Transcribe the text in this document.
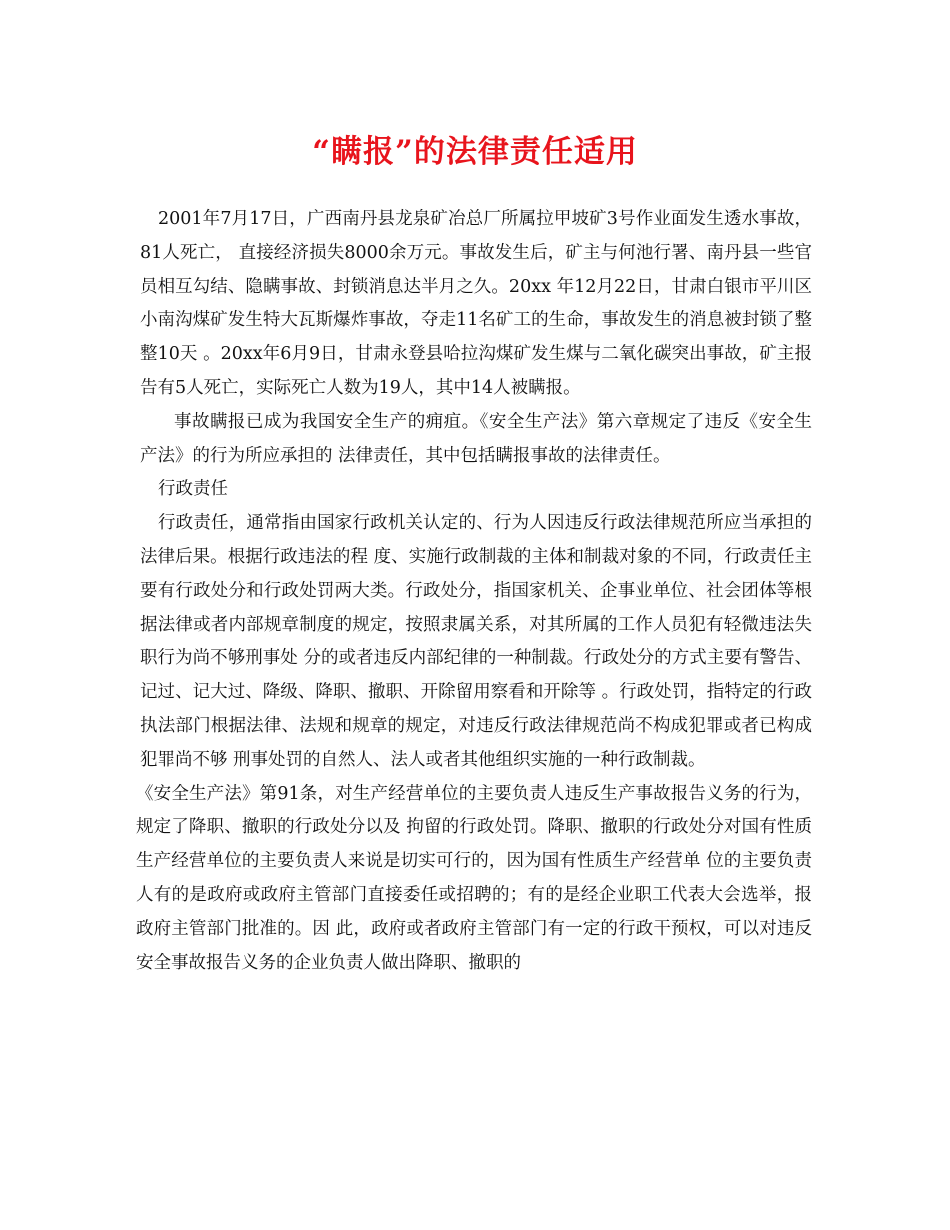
“瞒报”的法律责任适用

2001年7月17日，广西南丹县龙泉矿冶总厂所属拉甲坡矿3号作业面发生透水事故，81人死亡， 直接经济损失8000余万元。事故发生后，矿主与何池行署、南丹县一些官员相互勾结、隐瞒事故、封锁消息达半月之久。20xx 年12月22日，甘肃白银市平川区小南沟煤矿发生特大瓦斯爆炸事故，夺走11名矿工的生命，事故发生的消息被封锁了整整10天 。20xx年6月9日，甘肃永登县哈拉沟煤矿发生煤与二氧化碳突出事故，矿主报告有5人死亡，实际死亡人数为19人，其中14人被瞒报。

事故瞒报已成为我国安全生产的痈疽。《安全生产法》第六章规定了违反《安全生产法》的行为所应承担的 法律责任，其中包括瞒报事故的法律责任。

行政责任

行政责任，通常指由国家行政机关认定的、行为人因违反行政法律规范所应当承担的法律后果。根据行政违法的程 度、实施行政制裁的主体和制裁对象的不同，行政责任主要有行政处分和行政处罚两大类。行政处分，指国家机关、企事业单位、社会团体等根据法律或者内部规章制度的规定，按照隶属关系，对其所属的工作人员犯有轻微违法失职行为尚不够刑事处 分的或者违反内部纪律的一种制裁。行政处分的方式主要有警告、记过、记大过、降级、降职、撤职、开除留用察看和开除等 。行政处罚，指特定的行政执法部门根据法律、法规和规章的规定，对违反行政法律规范尚不构成犯罪或者已构成犯罪尚不够 刑事处罚的自然人、法人或者其他组织实施的一种行政制裁。

《安全生产法》第91条，对生产经营单位的主要负责人违反生产事故报告义务的行为，规定了降职、撤职的行政处分以及 拘留的行政处罚。降职、撤职的行政处分对国有性质生产经营单位的主要负责人来说是切实可行的，因为国有性质生产经营单 位的主要负责人有的是政府或政府主管部门直接委任或招聘的；有的是经企业职工代表大会选举，报政府主管部门批准的。因 此，政府或者政府主管部门有一定的行政干预权，可以对违反安全事故报告义务的企业负责人做出降职、撤职的
